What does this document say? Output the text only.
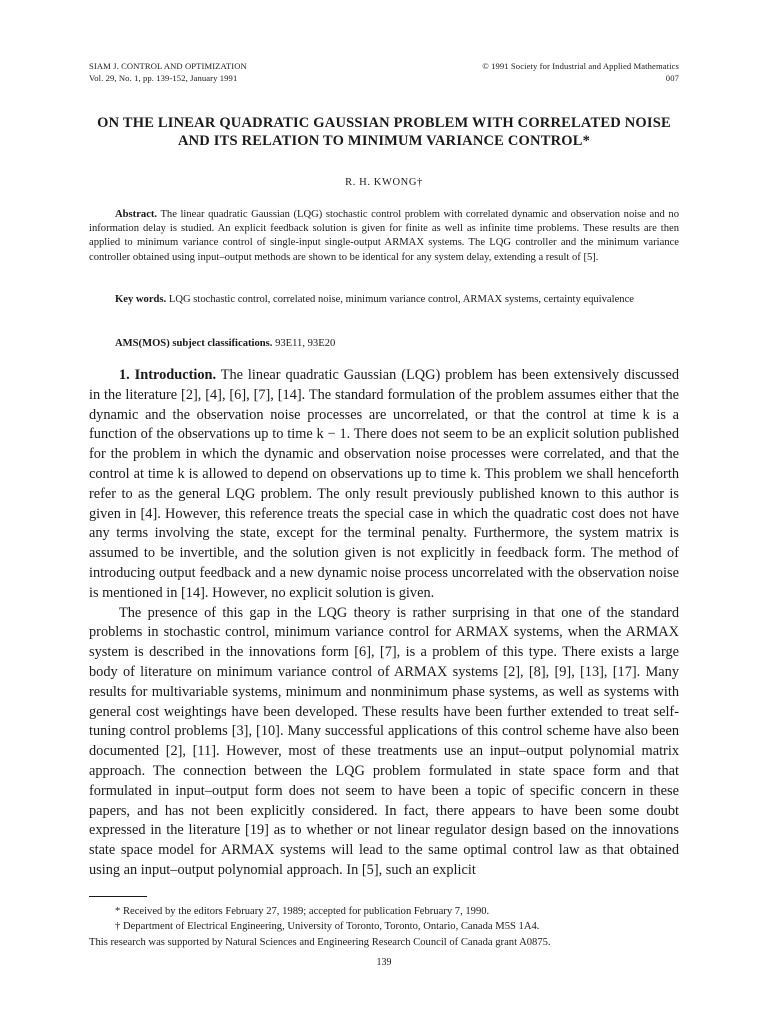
SIAM J. CONTROL AND OPTIMIZATION
Vol. 29, No. 1, pp. 139-152, January 1991
© 1991 Society for Industrial and Applied Mathematics
007
ON THE LINEAR QUADRATIC GAUSSIAN PROBLEM WITH CORRELATED NOISE AND ITS RELATION TO MINIMUM VARIANCE CONTROL*
R. H. KWONG†
Abstract. The linear quadratic Gaussian (LQG) stochastic control problem with correlated dynamic and observation noise and no information delay is studied. An explicit feedback solution is given for finite as well as infinite time problems. These results are then applied to minimum variance control of single-input single-output ARMAX systems. The LQG controller and the minimum variance controller obtained using input–output methods are shown to be identical for any system delay, extending a result of [5].
Key words. LQG stochastic control, correlated noise, minimum variance control, ARMAX systems, certainty equivalence
AMS(MOS) subject classifications. 93E11, 93E20

1. Introduction. The linear quadratic Gaussian (LQG) problem has been extensively discussed in the literature [2], [4], [6], [7], [14]. The standard formulation of the problem assumes either that the dynamic and the observation noise processes are uncorrelated, or that the control at time k is a function of the observations up to time k − 1. There does not seem to be an explicit solution published for the problem in which the dynamic and observation noise processes were correlated, and that the control at time k is allowed to depend on observations up to time k. This problem we shall henceforth refer to as the general LQG problem. The only result previously published known to this author is given in [4]. However, this reference treats the special case in which the quadratic cost does not have any terms involving the state, except for the terminal penalty. Furthermore, the system matrix is assumed to be invertible, and the solution given is not explicitly in feedback form. The method of introducing output feedback and a new dynamic noise process uncorrelated with the observation noise is mentioned in [14]. However, no explicit solution is given.

The presence of this gap in the LQG theory is rather surprising in that one of the standard problems in stochastic control, minimum variance control for ARMAX systems, when the ARMAX system is described in the innovations form [6], [7], is a problem of this type. There exists a large body of literature on minimum variance control of ARMAX systems [2], [8], [9], [13], [17]. Many results for multivariable systems, minimum and nonminimum phase systems, as well as systems with general cost weightings have been developed. These results have been further extended to treat self-tuning control problems [3], [10]. Many successful applications of this control scheme have also been documented [2], [11]. However, most of these treatments use an input–output polynomial matrix approach. The connection between the LQG problem formulated in state space form and that formulated in input–output form does not seem to have been a topic of specific concern in these papers, and has not been explicitly considered. In fact, there appears to have been some doubt expressed in the literature [19] as to whether or not linear regulator design based on the innovations state space model for ARMAX systems will lead to the same optimal control law as that obtained using an input–output polynomial approach. In [5], such an explicit

* Received by the editors February 27, 1989; accepted for publication February 7, 1990.
† Department of Electrical Engineering, University of Toronto, Toronto, Ontario, Canada M5S 1A4.
This research was supported by Natural Sciences and Engineering Research Council of Canada grant A0875.
139
